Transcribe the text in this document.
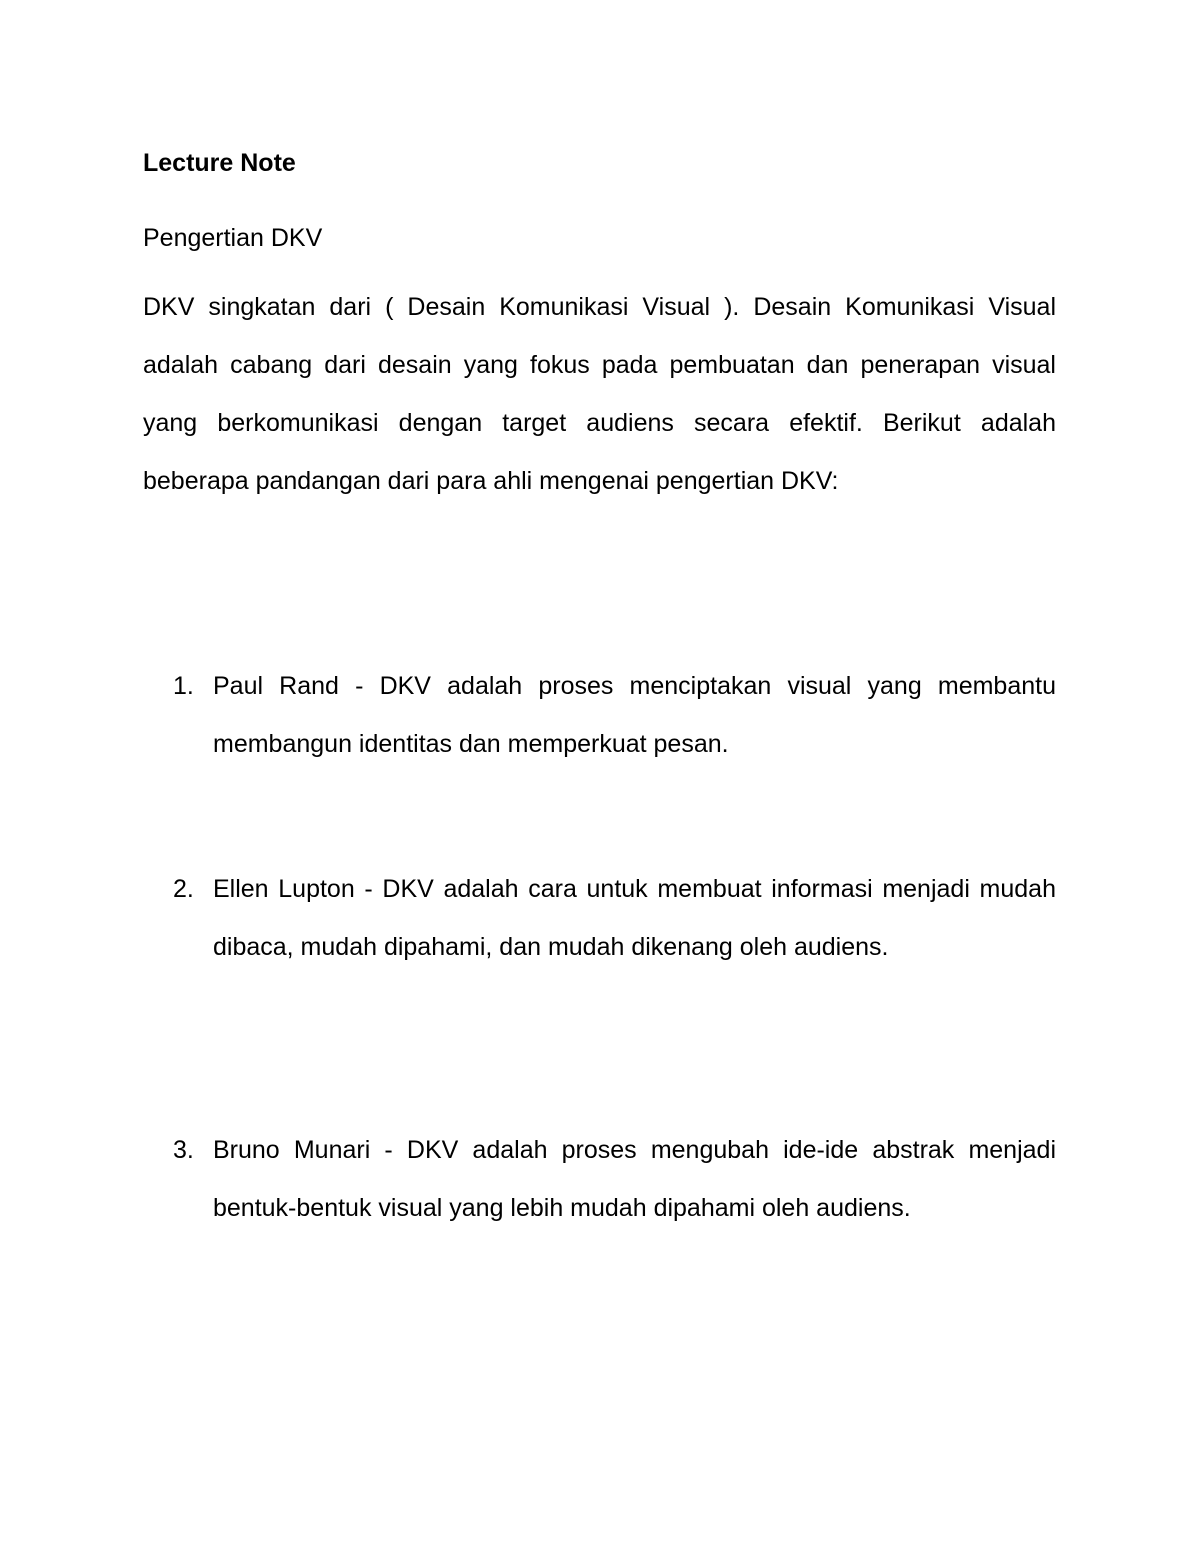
Lecture Note
Pengertian DKV
DKV singkatan dari ( Desain Komunikasi Visual ). Desain Komunikasi Visual adalah cabang dari desain yang fokus pada pembuatan dan penerapan visual yang berkomunikasi dengan target audiens secara efektif. Berikut adalah beberapa pandangan dari para ahli mengenai pengertian DKV:
1. Paul Rand - DKV adalah proses menciptakan visual yang membantu membangun identitas dan memperkuat pesan.
2. Ellen Lupton - DKV adalah cara untuk membuat informasi menjadi mudah dibaca, mudah dipahami, dan mudah dikenang oleh audiens.
3. Bruno Munari - DKV adalah proses mengubah ide-ide abstrak menjadi bentuk-bentuk visual yang lebih mudah dipahami oleh audiens.
